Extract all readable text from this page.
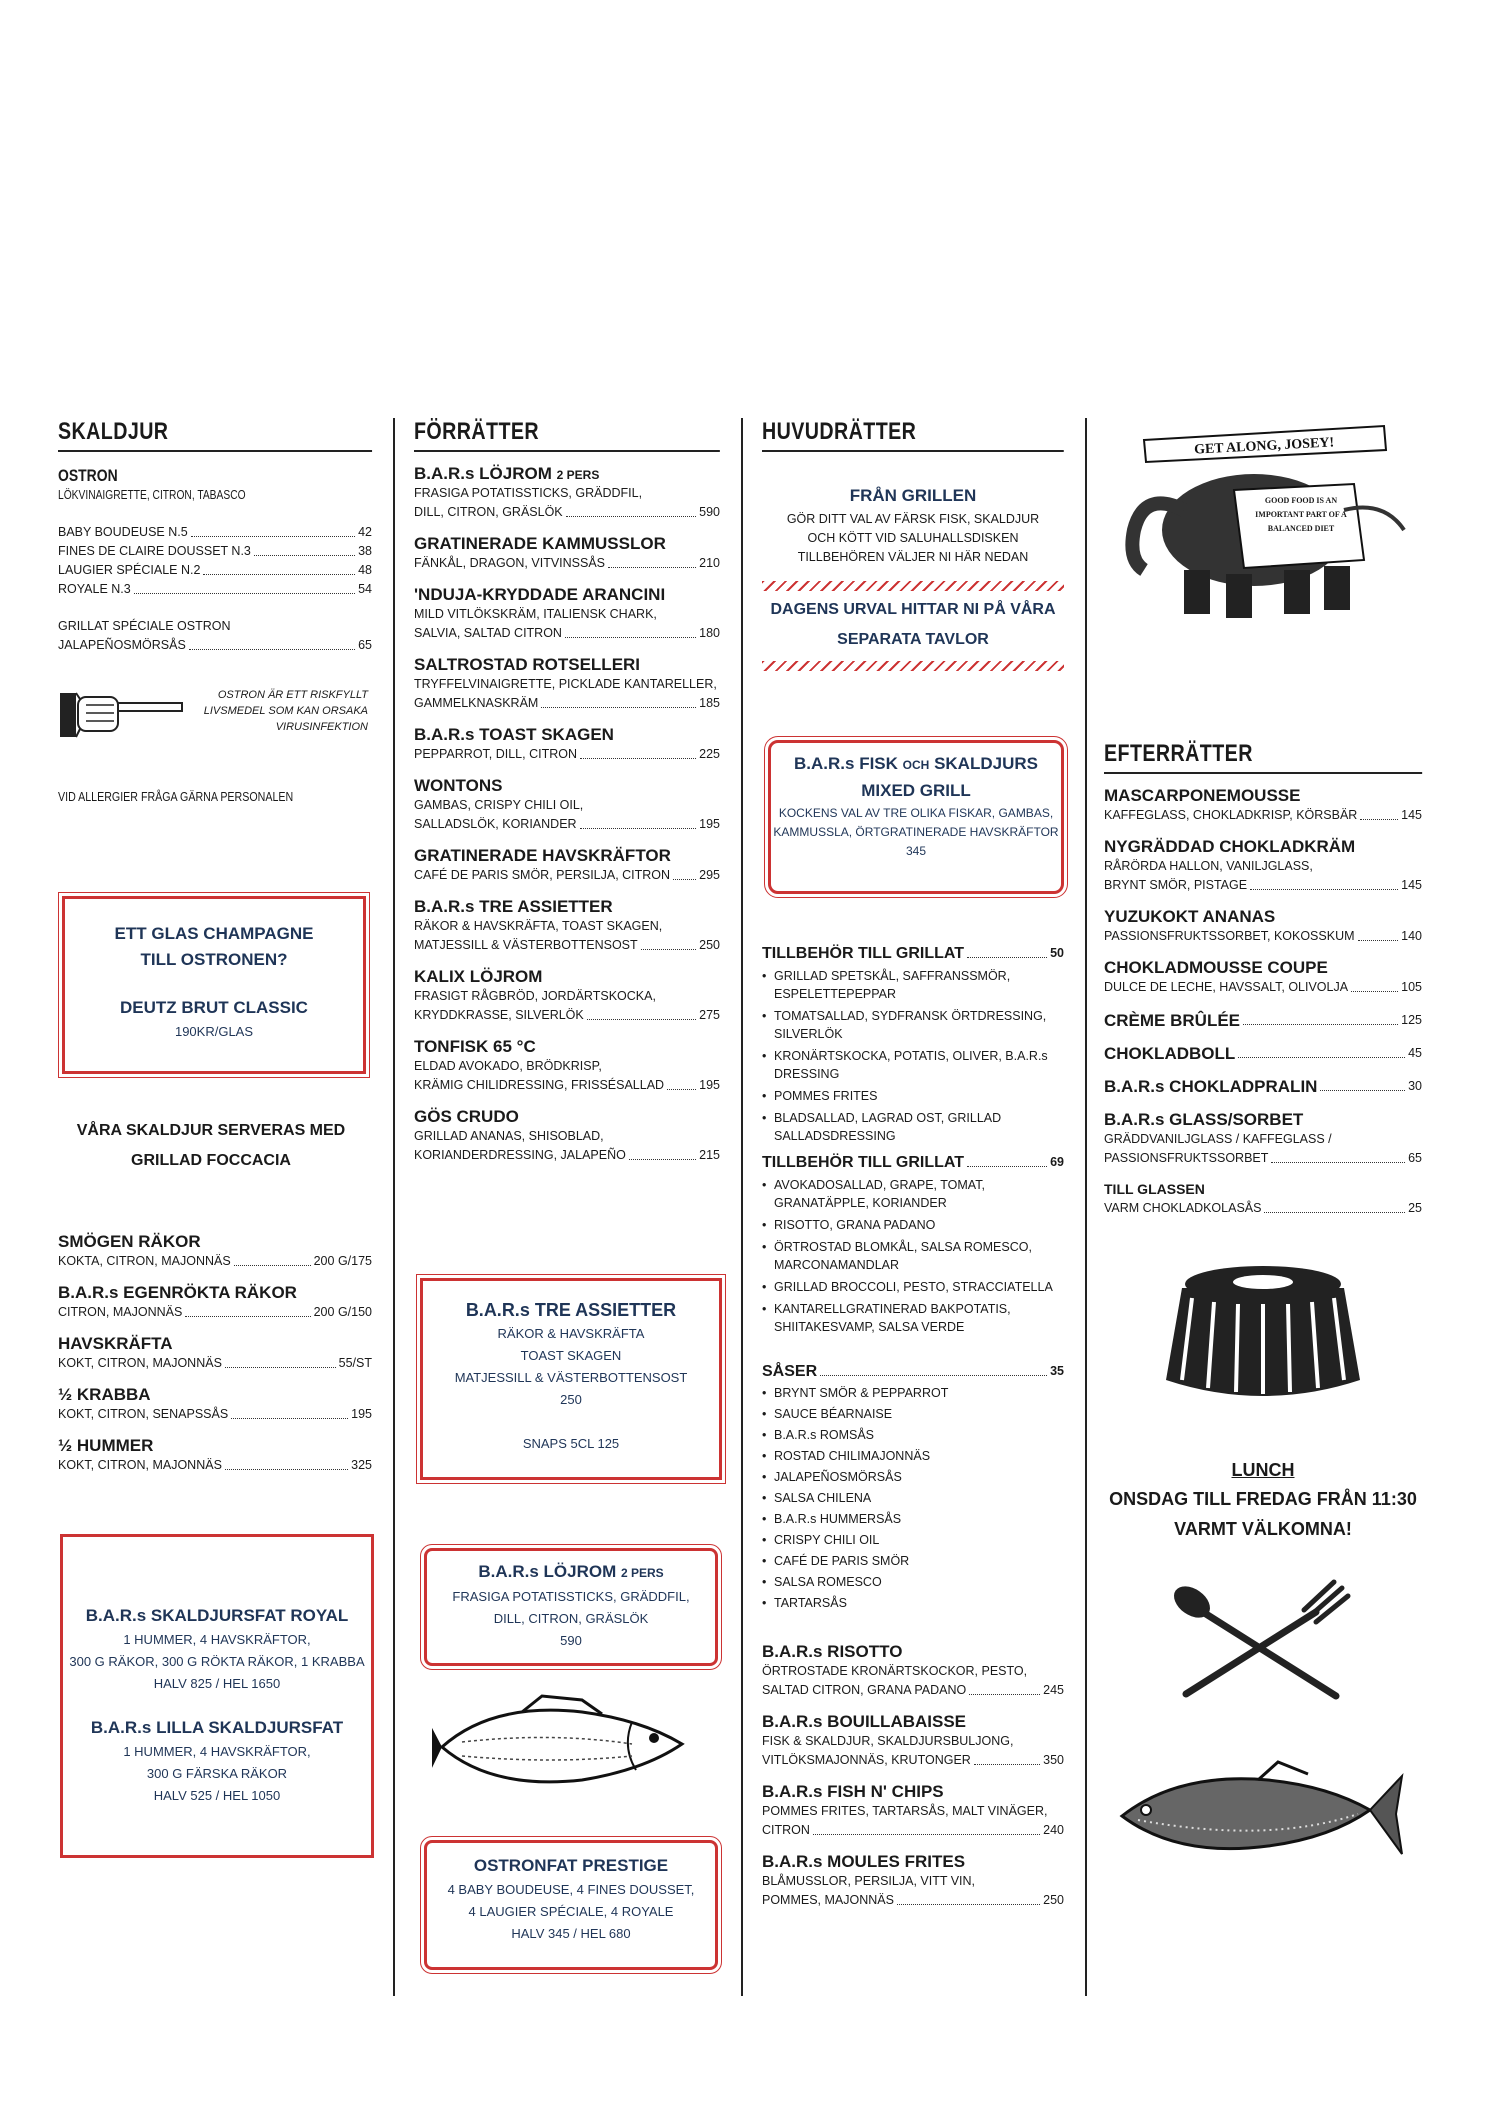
SKALDJUR
OSTRON
LÖKVINAIGRETTE, CITRON, TABASCO
BABY BOUDEUSE N.5	42
FINES DE CLAIRE DOUSSET N.3	38
LAUGIER SPÉCIALE N.2	48
ROYALE N.3	54
GRILLAT SPÉCIALE OSTRON
JALAPEÑOSMÖRSÅS	65
OSTRON ÄR ETT RISKFYLLT LIVSMEDEL SOM KAN ORSAKA VIRUSINFEKTION
VID ALLERGIER FRÅGA GÄRNA PERSONALEN
ETT GLAS CHAMPAGNE TILL OSTRONEN?
DEUTZ BRUT CLASSIC
190KR/GLAS
VÅRA SKALDJUR SERVERAS MED GRILLAD FOCCACIA
SMÖGEN RÄKOR
KOKTA, CITRON, MAJONNÄS	200 G/175
B.A.R.s EGENRÖKTA RÄKOR
CITRON, MAJONNÄS	200 G/150
HAVSKRÄFTA
KOKT, CITRON, MAJONNÄS	55/ST
½ KRABBA
KOKT, CITRON, SENAPSSÅS	195
½ HUMMER
KOKT, CITRON, MAJONNÄS	325
B.A.R.s SKALDJURSFAT ROYAL
1 HUMMER, 4 HAVSKRÄFTOR,
300 G RÄKOR, 300 G RÖKTA RÄKOR, 1 KRABBA
HALV 825 / HEL 1650
B.A.R.s LILLA SKALDJURSFAT
1 HUMMER, 4 HAVSKRÄFTOR,
300 G FÄRSKA RÄKOR
HALV 525 / HEL 1050
FÖRRÄTTER
B.A.R.s LÖJROM 2 PERS
FRASIGA POTATISSTICKS, GRÄDDFIL,
DILL, CITRON, GRÄSLÖK	590
GRATINERADE KAMMUSSLOR
FÄNKÅL, DRAGON, VITVINSSÅS	210
'NDUJA-KRYDDADE ARANCINI
MILD VITLÖKSKRÄM, ITALIENSK CHARK,
SALVIA, SALTAD CITRON	180
SALTROSTAD ROTSELLERI
TRYFFELVINAIGRETTE, PICKLADE KANTARELLER,
GAMMELKNASKRÄM	185
B.A.R.s TOAST SKAGEN
PEPPARROT, DILL, CITRON	225
WONTONS
GAMBAS, CRISPY CHILI OIL,
SALLADSLÖK, KORIANDER	195
GRATINERADE HAVSKRÄFTOR
CAFÉ DE PARIS SMÖR, PERSILJA, CITRON 295
B.A.R.s TRE ASSIETTER
RÄKOR & HAVSKRÄFTA, TOAST SKAGEN,
MATJESSILL & VÄSTERBOTTENSOST	250
KALIX LÖJROM
FRASIGT RÅGBRÖD, JORDÄRTSKOCKA,
KRYDDKRASSE, SILVERLÖK	275
TONFISK 65 °C
ELDAD AVOKADO, BRÖDKRISP,
KRÄMIG CHILIDRESSING, FRISSÉSALLAD	195
GÖS CRUDO
GRILLAD ANANAS, SHISOBLAD,
KORIANDERDRESSING, JALAPEÑO	215
B.A.R.s TRE ASSIETTER
RÄKOR & HAVSKRÄFTA
TOAST SKAGEN
MATJESSILL & VÄSTERBOTTENSOST
250
SNAPS 5CL 125
B.A.R.s LÖJROM 2 PERS
FRASIGA POTATISSTICKS, GRÄDDFIL,
DILL, CITRON, GRÄSLÖK
590
OSTRONFAT PRESTIGE
4 BABY BOUDEUSE, 4 FINES DOUSSET,
4 LAUGIER SPÉCIALE, 4 ROYALE
HALV 345 / HEL 680
HUVUDRÄTTER
FRÅN GRILLEN
GÖR DITT VAL AV FÄRSK FISK, SKALDJUR
OCH KÖTT VID SALUHALLSDISKEN
TILLBEHÖREN VÄLJER NI HÄR NEDAN
DAGENS URVAL HITTAR NI PÅ VÅRA
SEPARATA TAVLOR
B.A.R.s FISK OCH SKALDJURS
MIXED GRILL
KOCKENS VAL AV TRE OLIKA FISKAR, GAMBAS,
KAMMUSSLA, ÖRTGRATINERADE HAVSKRÄFTOR
345
TILLBEHÖR TILL GRILLAT	50
• GRILLAD SPETSKÅL, SAFFRANSSMÖR, ESPELETTEPEPPAR
• TOMATSALLAD, SYDFRANSK ÖRTDRESSING, SILVERLÖK
• KRONÄRTSKOCKA, POTATIS, OLIVER, B.A.R.s DRESSING
• POMMES FRITES
• BLADSALLAD, LAGRAD OST, GRILLAD SALLADSDRESSING
TILLBEHÖR TILL GRILLAT	69
• AVOKADOSALLAD, GRAPE, TOMAT, GRANATÄPPLE, KORIANDER
• RISOTTO, GRANA PADANO
• ÖRTROSTAD BLOMKÅL, SALSA ROMESCO, MARCONAMANDLAR
• GRILLAD BROCCOLI, PESTO, STRACCIATELLA
• KANTARELLGRATINERAD BAKPOTATIS, SHIITAKESVAMP, SALSA VERDE
SÅSER	35
• BRYNT SMÖR & PEPPARROT
• SAUCE BÉARNAISE
• B.A.R.s ROMSÅS
• ROSTAD CHILIMAJONNÄS
• JALAPEÑOSMÖRSÅS
• SALSA CHILENA
• B.A.R.s HUMMERSÅS
• CRISPY CHILI OIL
• CAFÉ DE PARIS SMÖR
• SALSA ROMESCO
• TARTARSÅS
B.A.R.s RISOTTO
ÖRTROSTADE KRONÄRTSKOCKOR, PESTO,
SALTAD CITRON, GRANA PADANO	245
B.A.R.s BOUILLABAISSE
FISK & SKALDJUR, SKALDJURSBULJONG,
VITLÖKSMAJONNÄS, KRUTONGER	350
B.A.R.s FISH N' CHIPS
POMMES FRITES, TARTARSÅS, MALT VINÄGER,
CITRON	240
B.A.R.s MOULES FRITES
BLÅMUSSLOR, PERSILJA, VITT VIN,
POMMES, MAJONNÄS	250
GET ALONG, JOSEY!
GOOD FOOD IS AN IMPORTANT PART OF A BALANCED DIET
EFTERRÄTTER
MASCARPONEMOUSSE
KAFFEGLASS, CHOKLADKRISP, KÖRSBÄR	145
NYGRÄDDAD CHOKLADKRÄM
RÅRÖRDA HALLON, VANILJGLASS,
BRYNT SMÖR, PISTAGE	145
YUZUKOKT ANANAS
PASSIONSFRUKTSSORBET, KOKOSSKUM	140
CHOKLADMOUSSE COUPE
DULCE DE LECHE, HAVSSALT, OLIVOLJA	105
CRÈME BRÛLÉE	125
CHOKLADBOLL	45
B.A.R.s CHOKLADPRALIN	30
B.A.R.s GLASS/SORBET
GRÄDDVANILJGLASS / KAFFEGLASS /
PASSIONSFRUKTSSORBET	65
TILL GLASSEN
VARM CHOKLADKOLASÅS	25
LUNCH
ONSDAG TILL FREDAG FRÅN 11:30
VARMT VÄLKOMNA!
